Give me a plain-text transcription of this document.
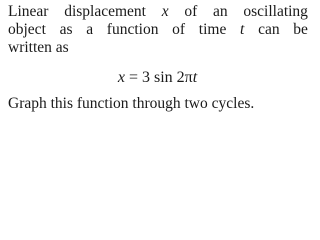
Linear displacement x of an oscillating
object as a function of time t can be
written as
x = 3 sin 2πt
Graph this function through two cycles.
